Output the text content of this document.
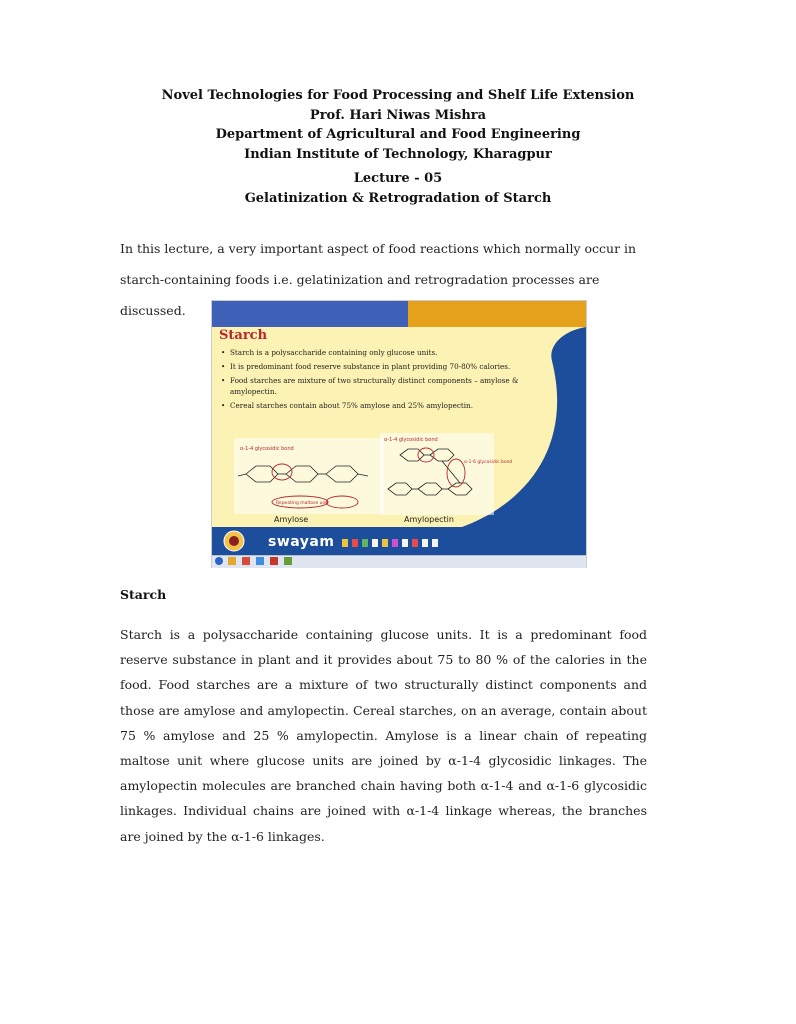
Novel Technologies for Food Processing and Shelf Life Extension
Prof. Hari Niwas Mishra
Department of Agricultural and Food Engineering
Indian Institute of Technology, Kharagpur
Lecture - 05
Gelatinization & Retrogradation of Starch
In this lecture, a very important aspect of food reactions which normally occur in starch-containing foods i.e. gelatinization and retrogradation processes are discussed.
Starch
• Starch is a polysaccharide containing only glucose units.
• It is predominant food reserve substance in plant providing 70-80% calories.
• Food starches are mixture of two structurally distinct components – amylose & amylopectin.
• Cereal starches contain about 75% amylose and 25% amylopectin.
α-1-4 glycosidic bond
Repeating maltose unit
α-1-4 glycosidic bond
α-1-6 glycosidic bond
Amylose	Amylopectin
swayam
Starch
Starch is a polysaccharide containing glucose units. It is a predominant food reserve substance in plant and it provides about 75 to 80 % of the calories in the food. Food starches are a mixture of two structurally distinct components and those are amylose and amylopectin. Cereal starches, on an average, contain about 75 % amylose and 25 % amylopectin. Amylose is a linear chain of repeating maltose unit where glucose units are joined by α-1-4 glycosidic linkages. The amylopectin molecules are branched chain having both α-1-4 and α-1-6 glycosidic linkages. Individual chains are joined with α-1-4 linkage whereas, the branches are joined by the α-1-6 linkages.
